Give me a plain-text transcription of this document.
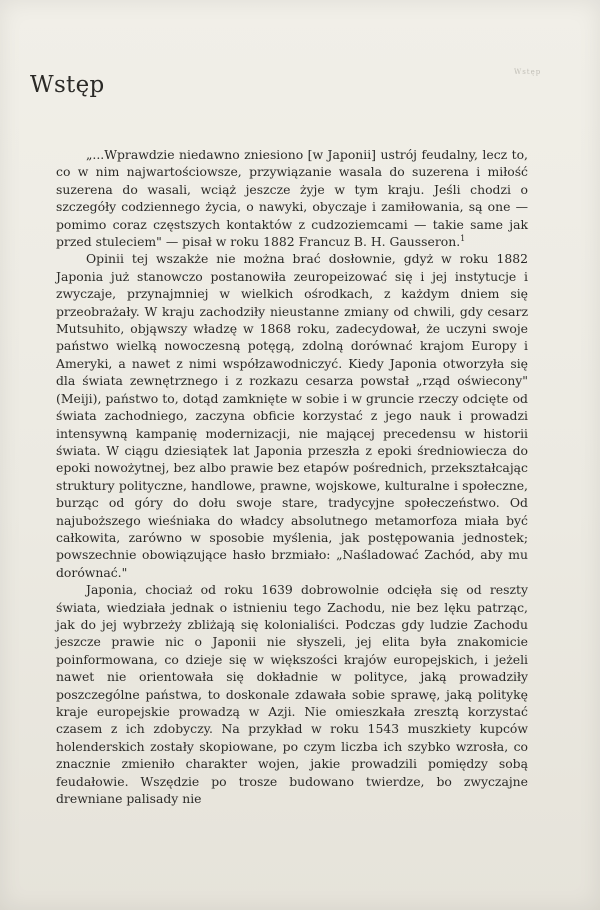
Wstęp
Wstęp

„...Wprawdzie niedawno zniesiono [w Japonii] ustrój feudalny, lecz to, co w nim najwartościowsze, przywiązanie wasala do suzerena i miłość suzerena do wasali, wciąż jeszcze żyje w tym kraju. Jeśli chodzi o szczegóły codziennego życia, o nawyki, obyczaje i zamiłowania, są one — pomimo coraz częstszych kontaktów z cudzoziemcami — takie same jak przed stuleciem" — pisał w roku 1882 Francuz B. H. Gausseron.$^1$

Opinii tej wszakże nie można brać dosłownie, gdyż w roku 1882 Japonia już stanowczo postanowiła zeuropeizować się i jej instytucje i zwyczaje, przynajmniej w wielkich ośrodkach, z każdym dniem się przeobrażały. W kraju zachodziły nieustanne zmiany od chwili, gdy cesarz Mutsuhito, objąwszy władzę w 1868 roku, zadecydował, że uczyni swoje państwo wielką nowoczesną potęgą, zdolną dorównać krajom Europy i Ameryki, a nawet z nimi współzawodniczyć. Kiedy Japonia otworzyła się dla świata zewnętrznego i z rozkazu cesarza powstał „rząd oświecony" (Meiji), państwo to, dotąd zamknięte w sobie i w gruncie rzeczy odcięte od świata zachodniego, zaczyna obficie korzystać z jego nauk i prowadzi intensywną kampanię modernizacji, nie mającej precedensu w historii świata. W ciągu dziesiątek lat Japonia przeszła z epoki średniowiecza do epoki nowożytnej, bez albo prawie bez etapów pośrednich, przekształcając struktury polityczne, handlowe, prawne, wojskowe, kulturalne i społeczne, burząc od góry do dołu swoje stare, tradycyjne społeczeństwo. Od najuboższego wieśniaka do władcy absolutnego metamorfoza miała być całkowita, zarówno w sposobie myślenia, jak postępowania jednostek; powszechnie obowiązujące hasło brzmiało: „Naśladować Zachód, aby mu dorównać."

Japonia, chociaż od roku 1639 dobrowolnie odcięła się od reszty świata, wiedziała jednak o istnieniu tego Zachodu, nie bez lęku patrząc, jak do jej wybrzeży zbliżają się kolonialiści. Podczas gdy ludzie Zachodu jeszcze prawie nic o Japonii nie słyszeli, jej elita była znakomicie poinformowana, co dzieje się w większości krajów europejskich, i jeżeli nawet nie orientowała się dokładnie w polityce, jaką prowadziły poszczególne państwa, to doskonale zdawała sobie sprawę, jaką politykę kraje europejskie prowadzą w Azji. Nie omieszkała zresztą korzystać czasem z ich zdobyczy. Na przykład w roku 1543 muszkiety kupców holenderskich zostały skopiowane, po czym liczba ich szybko wzrosła, co znacznie zmieniło charakter wojen, jakie prowadzili pomiędzy sobą feudałowie. Wszędzie po trosze budowano twierdze, bo zwyczajne drewniane palisady nie
